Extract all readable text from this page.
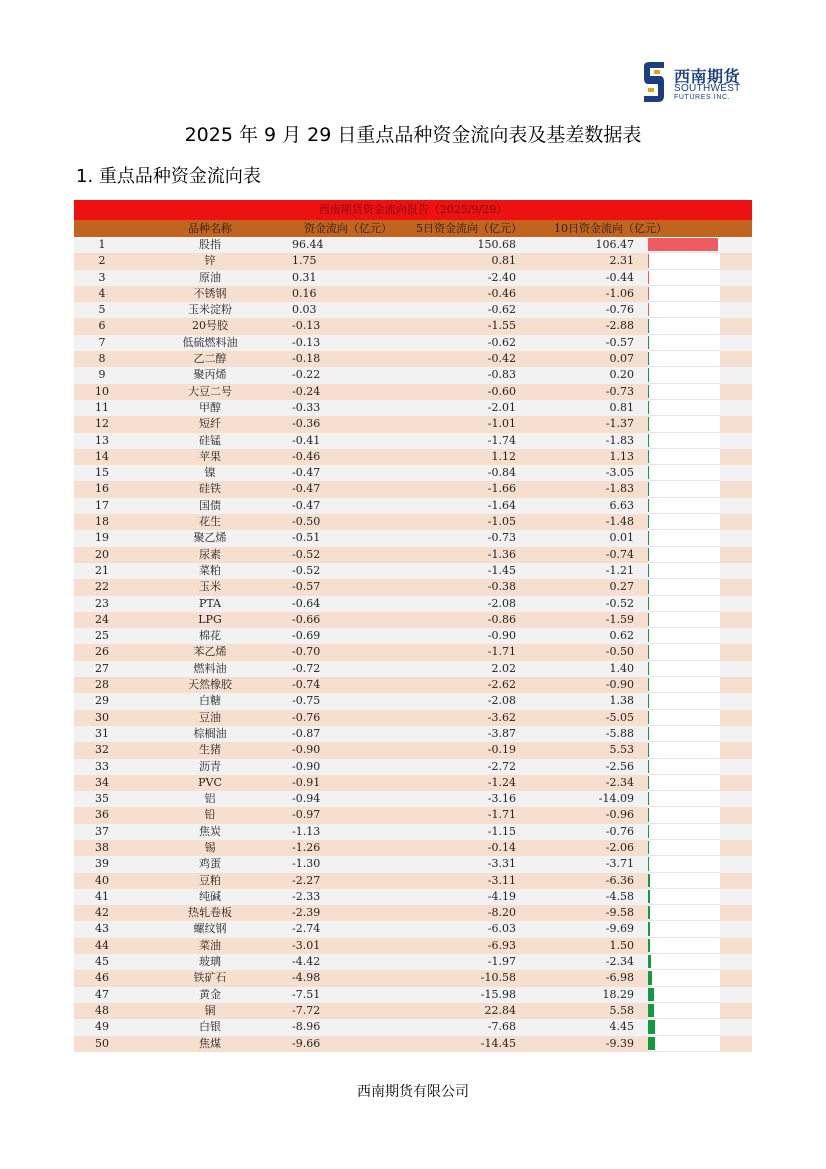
西南期货
SOUTHWEST
FUTURES INC.
2025 年 9 月 29 日重点品种资金流向表及基差数据表
1. 重点品种资金流向表
西南期货资金流向报告（2025/9/29）
品种名称	资金流向（亿元）	5日资金流向（亿元）	10日资金流向（亿元）
1	股指	96.44	150.68	106.47
2	锌	1.75	0.81	2.31
3	原油	0.31	-2.40	-0.44
4	不锈钢	0.16	-0.46	-1.06
5	玉米淀粉	0.03	-0.62	-0.76
6	20号胶	-0.13	-1.55	-2.88
7	低硫燃料油	-0.13	-0.62	-0.57
8	乙二醇	-0.18	-0.42	0.07
9	聚丙烯	-0.22	-0.83	0.20
10	大豆二号	-0.24	-0.60	-0.73
11	甲醇	-0.33	-2.01	0.81
12	短纤	-0.36	-1.01	-1.37
13	硅锰	-0.41	-1.74	-1.83
14	苹果	-0.46	1.12	1.13
15	镍	-0.47	-0.84	-3.05
16	硅铁	-0.47	-1.66	-1.83
17	国债	-0.47	-1.64	6.63
18	花生	-0.50	-1.05	-1.48
19	聚乙烯	-0.51	-0.73	0.01
20	尿素	-0.52	-1.36	-0.74
21	菜粕	-0.52	-1.45	-1.21
22	玉米	-0.57	-0.38	0.27
23	PTA	-0.64	-2.08	-0.52
24	LPG	-0.66	-0.86	-1.59
25	棉花	-0.69	-0.90	0.62
26	苯乙烯	-0.70	-1.71	-0.50
27	燃料油	-0.72	2.02	1.40
28	天然橡胶	-0.74	-2.62	-0.90
29	白糖	-0.75	-2.08	1.38
30	豆油	-0.76	-3.62	-5.05
31	棕榈油	-0.87	-3.87	-5.88
32	生猪	-0.90	-0.19	5.53
33	沥青	-0.90	-2.72	-2.56
34	PVC	-0.91	-1.24	-2.34
35	铝	-0.94	-3.16	-14.09
36	铅	-0.97	-1.71	-0.96
37	焦炭	-1.13	-1.15	-0.76
38	锡	-1.26	-0.14	-2.06
39	鸡蛋	-1.30	-3.31	-3.71
40	豆粕	-2.27	-3.11	-6.36
41	纯碱	-2.33	-4.19	-4.58
42	热轧卷板	-2.39	-8.20	-9.58
43	螺纹钢	-2.74	-6.03	-9.69
44	菜油	-3.01	-6.93	1.50
45	玻璃	-4.42	-1.97	-2.34
46	铁矿石	-4.98	-10.58	-6.98
47	黄金	-7.51	-15.98	18.29
48	铜	-7.72	22.84	5.58
49	白银	-8.96	-7.68	4.45
50	焦煤	-9.66	-14.45	-9.39
西南期货有限公司
